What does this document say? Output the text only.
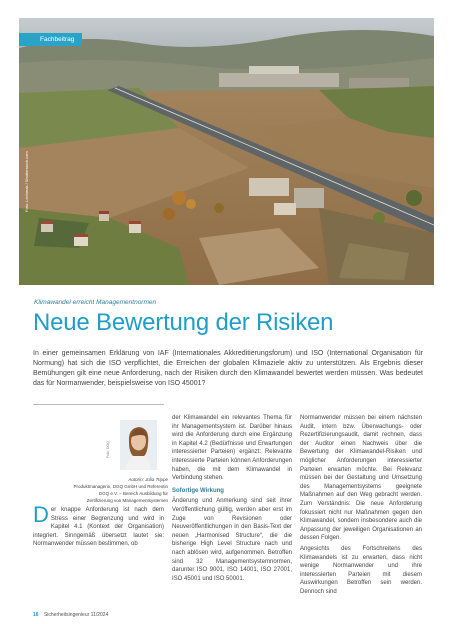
Fachbeitrag
Foto: Lechmak / Shutterstock.com
Klimawandel erreicht Managementnormen
Neue Bewertung der Risiken

In einer gemeinsamen Erklärung von IAF (Internationales Akkreditierungsforum) und ISO (International Organisation für Normung) hat sich die ISO verpflichtet, die Erreichen der globalen Klimaziele aktiv zu unterstützen. Als Ergebnis dieser Bemühungen gilt eine neue Anforderung, nach der Risiken durch den Klimawandel bewertet werden müssen. Was bedeutet das für Normanwender, beispielsweise von ISO 45001?

Foto: DGQ
Autorin: Julia Trippe
Produktmanagerin, DGQ GmbH und Referentin
DGQ e.V. – Bereich Ausbildung für
Zertifizierung von Managementsystemen
D er knappe Anforderung ist nach dem Stress einer Begrenzung und wird in Kapitel 4.1 (Kontext der Organisation) integriert. Sinngemäß übersetzt lautet sie: Normanwender müssen bestimmen, ob

der Klimawandel ein relevantes Thema für ihr Managementsystem ist. Darüber hinaus wird die Anforderung durch eine Ergänzung in Kapitel 4.2 (Bedürfnisse und Erwartungen interessierter Parteien) ergänzt: Relevante interessierte Parteien können Anforderungen haben, die mit dem Klimawandel in Verbindung stehen.

Sofortige Wirkung

Änderung und Anmerkung sind seit ihrer Veröffentlichung gültig, werden aber erst im Zuge von Revisionen oder Neuveröffentlichungen in den Basis-Text der neuen „Harmonised Structure“, die die bisherige High Level Structure nach und nach ablösen wird, aufgenommen. Betroffen sind 32 Managementsystemnormen, darunter ISO 9001, ISO 14001, ISO 27001, ISO 45001 und ISO 50001.

Normanwender müssen bei einem nächsten Audit, intern bzw. Überwachungs- oder Rezertifizierungsaudit, damit rechnen, dass der Auditor einen Nachweis über die Bewertung der Klimawandel-Risiken und möglicher Anforderungen interessierter Parteien erwarten möchte. Bei Relevanz müssen bei der Gestaltung und Umsetzung des Managementsystems geeignete Maßnahmen auf den Weg gebracht werden. Zum Verständnis: Die neue Anforderung fokussiert nicht nur Maßnahmen gegen den Klimawandel, sondern insbesondere auch die Anpassung der jeweiligen Organisationen an dessen Folgen.

Angesichts des Fortschreitens des Klimawandels ist zu erwarten, dass nicht wenige Normanwender und ihre interessierten Parteien mit diesem Auswirkungen Betroffen sein werden. Dennoch sind

16 Sicherheitsingenieur 11/2024
